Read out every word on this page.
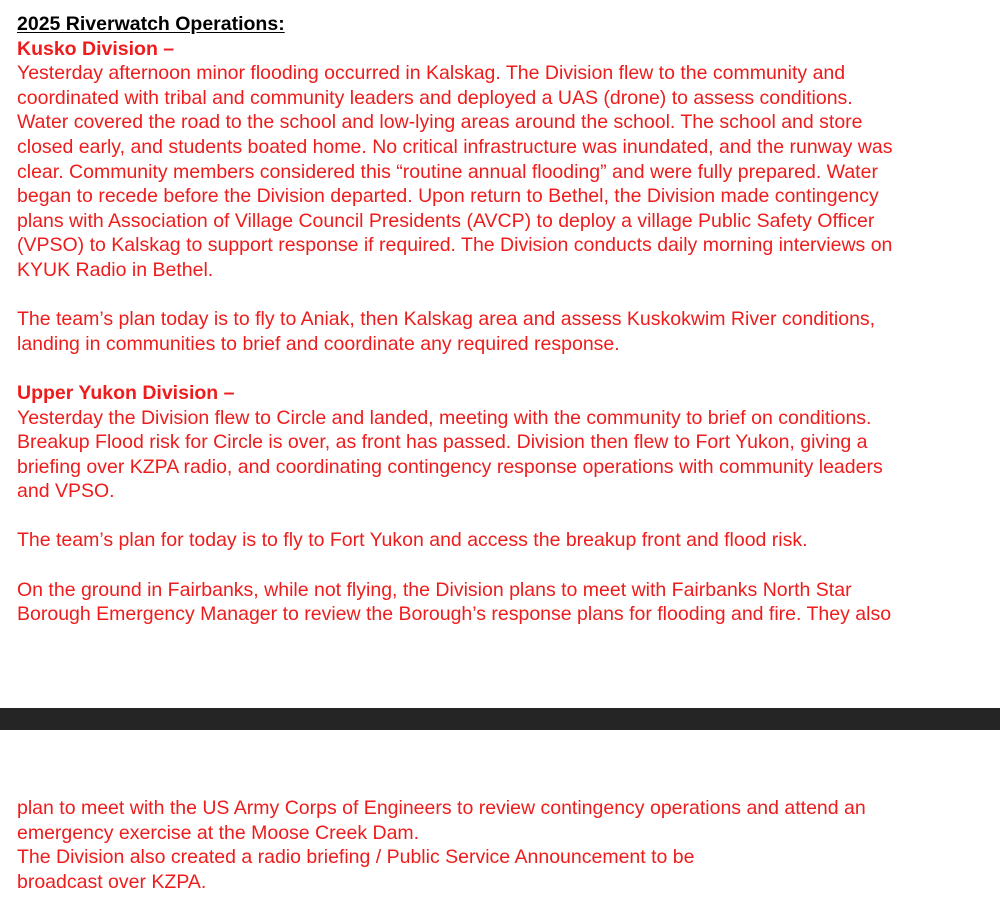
2025 Riverwatch Operations:
Kusko Division –
Yesterday afternoon minor flooding occurred in Kalskag. The Division flew to the community and
coordinated with tribal and community leaders and deployed a UAS (drone) to assess conditions.
Water covered the road to the school and low-lying areas around the school. The school and store
closed early, and students boated home. No critical infrastructure was inundated, and the runway was
clear. Community members considered this “routine annual flooding” and were fully prepared. Water
began to recede before the Division departed. Upon return to Bethel, the Division made contingency
plans with Association of Village Council Presidents (AVCP) to deploy a village Public Safety Officer
(VPSO) to Kalskag to support response if required. The Division conducts daily morning interviews on
KYUK Radio in Bethel.
The team’s plan today is to fly to Aniak, then Kalskag area and assess Kuskokwim River conditions,
landing in communities to brief and coordinate any required response.
Upper Yukon Division –
Yesterday the Division flew to Circle and landed, meeting with the community to brief on conditions.
Breakup Flood risk for Circle is over, as front has passed. Division then flew to Fort Yukon, giving a
briefing over KZPA radio, and coordinating contingency response operations with community leaders
and VPSO.
The team’s plan for today is to fly to Fort Yukon and access the breakup front and flood risk.
On the ground in Fairbanks, while not flying, the Division plans to meet with Fairbanks North Star
Borough Emergency Manager to review the Borough’s response plans for flooding and fire. They also
plan to meet with the US Army Corps of Engineers to review contingency operations and attend an
emergency exercise at the Moose Creek Dam.
The Division also created a radio briefing / Public Service Announcement to be
broadcast over KZPA.
